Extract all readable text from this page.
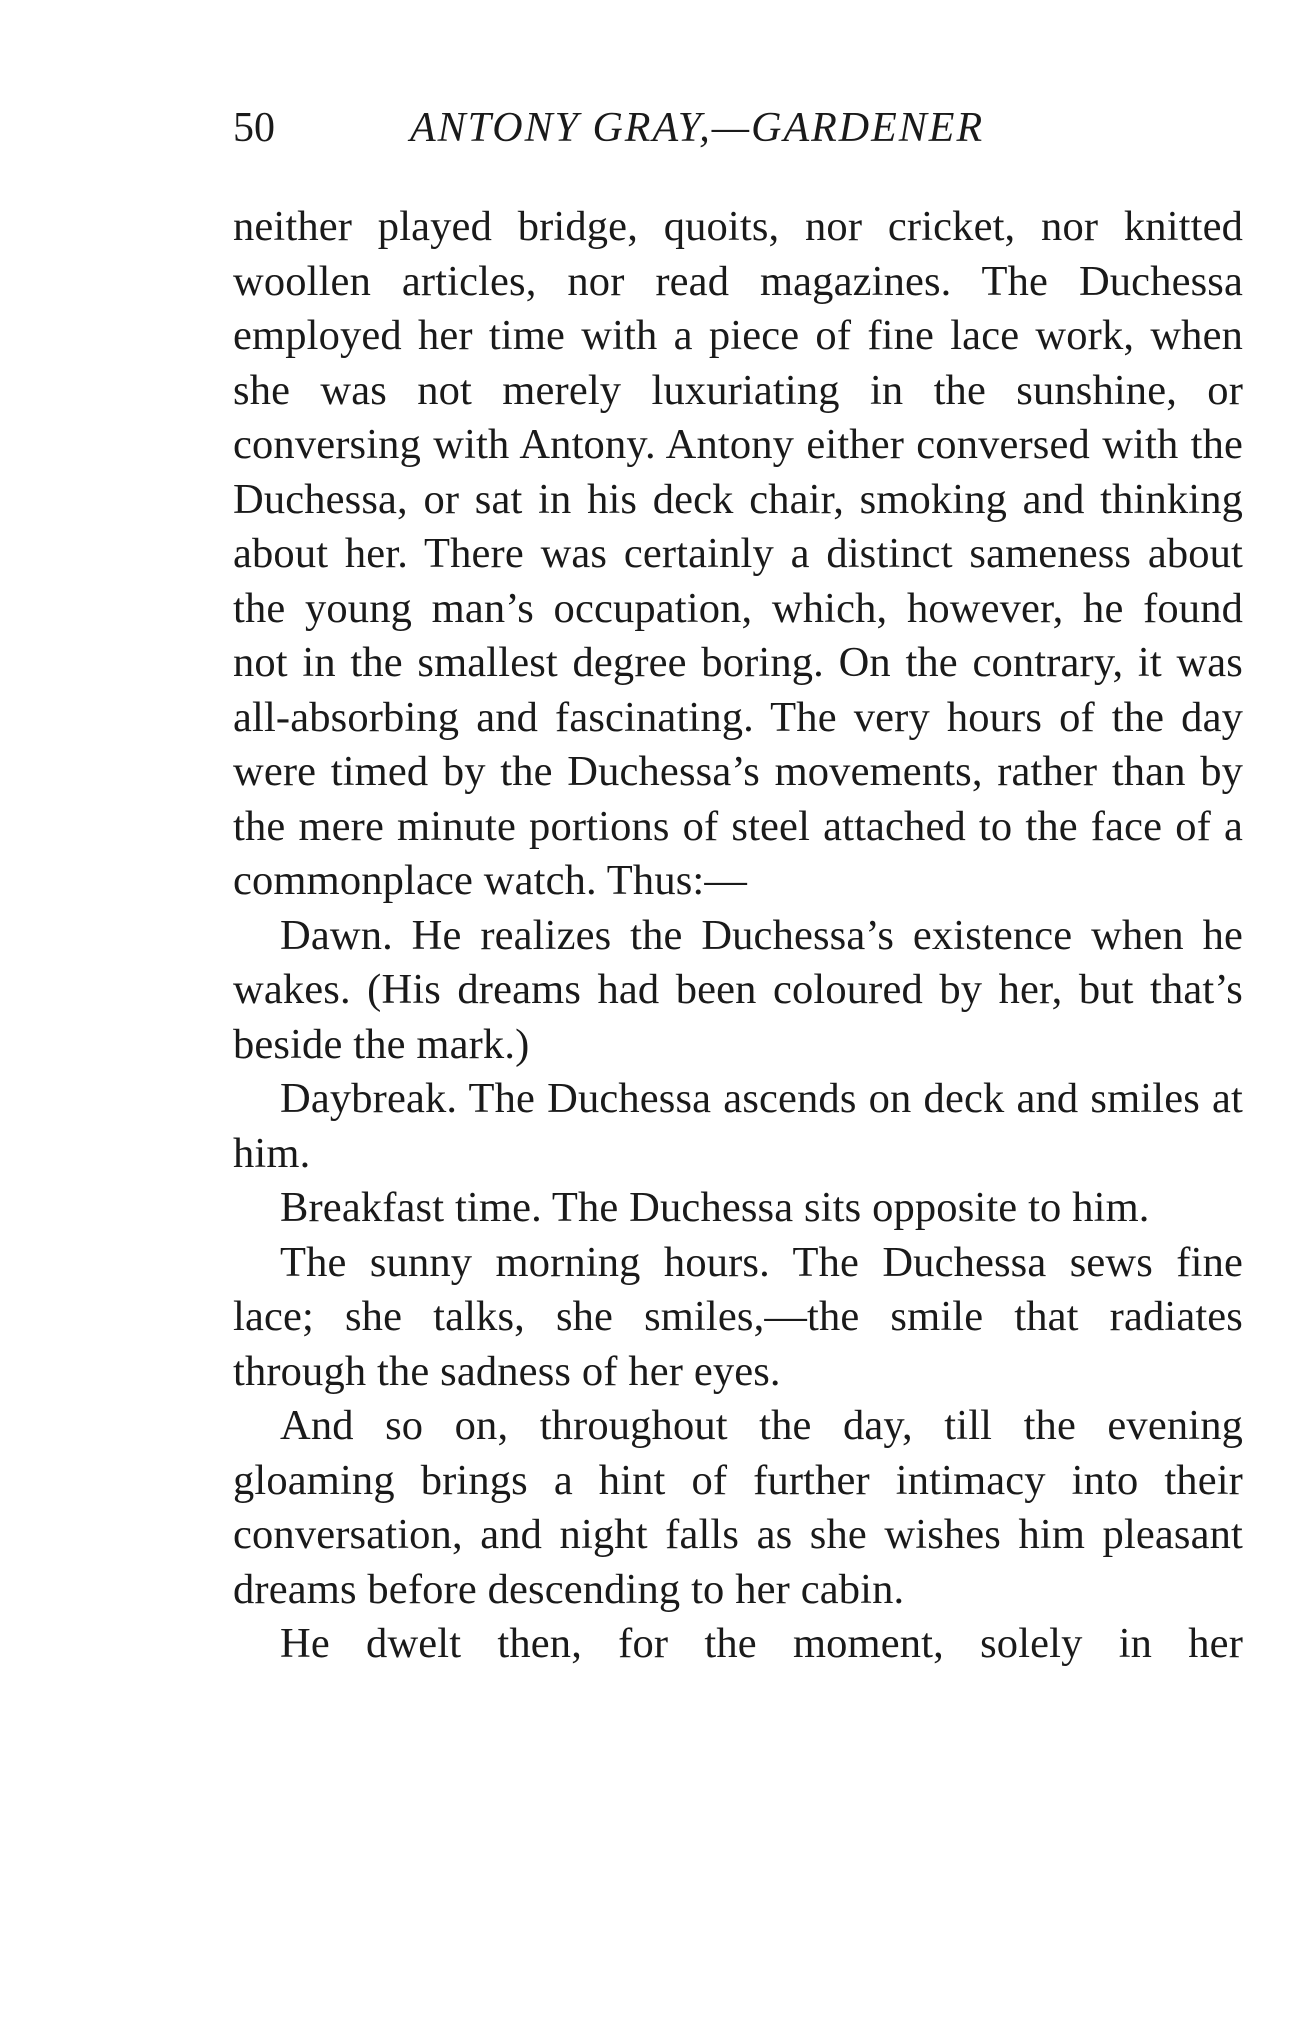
50	ANTONY GRAY,—GARDENER

neither played bridge, quoits, nor cricket, nor knitted woollen articles, nor read magazines. The Duchessa employed her time with a piece of fine lace work, when she was not merely luxuriating in the sunshine, or conversing with Antony. Antony either conversed with the Duchessa, or sat in his deck chair, smoking and thinking about her. There was certainly a distinct sameness about the young man’s occupation, which, however, he found not in the smallest degree boring. On the contrary, it was all-absorbing and fascinating. The very hours of the day were timed by the Duchessa’s movements, rather than by the mere minute portions of steel attached to the face of a commonplace watch. Thus:—

Dawn. He realizes the Duchessa’s existence when he wakes. (His dreams had been coloured by her, but that’s beside the mark.)

Daybreak. The Duchessa ascends on deck and smiles at him.

Breakfast time. The Duchessa sits opposite to him.

The sunny morning hours. The Duchessa sews fine lace; she talks, she smiles,—the smile that radiates through the sadness of her eyes.

And so on, throughout the day, till the evening gloaming brings a hint of further intimacy into their conversation, and night falls as she wishes him pleasant dreams before descending to her cabin.

He dwelt then, for the moment, solely in her
